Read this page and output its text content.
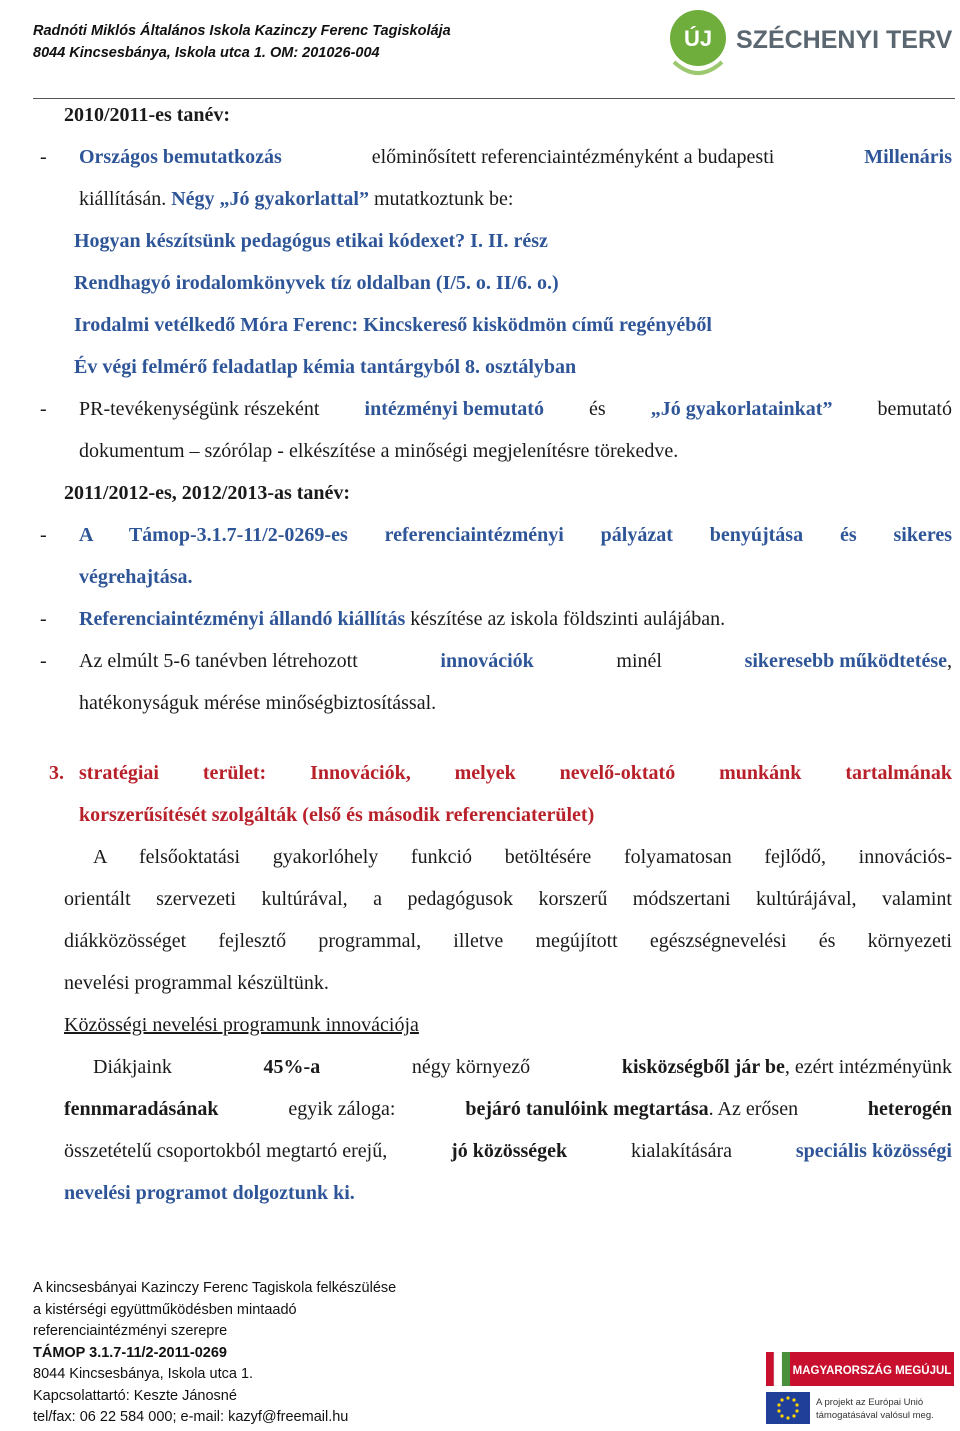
Radnóti Miklós Általános Iskola Kazinczy Ferenc Tagiskolája
8044 Kincsesbánya, Iskola utca 1. OM: 201026-004
ÚJ SZÉCHENYI TERV
2010/2011-es tanév:
- Országos bemutatkozás	előminősített referenciaintézményként a budapesti	Millenáris
kiállításán. Négy „Jó gyakorlattal” mutatkoztunk be:
Hogyan készítsünk pedagógus etikai kódexet? I. II. rész
Rendhagyó irodalomkönyvek tíz oldalban (I/5. o. II/6. o.)
Irodalmi vetélkedő Móra Ferenc: Kincskereső kisködmön című regényéből
Év végi felmérő feladatlap kémia tantárgyból 8. osztályban
- PR-tevékenységünk részeként intézményi bemutató és „Jó gyakorlatainkat” bemutató
dokumentum – szórólap - elkészítése a minőségi megjelenítésre törekedve.
2011/2012-es, 2012/2013-as tanév:
- A Támop-3.1.7-11/2-0269-es referenciaintézményi pályázat benyújtása és sikeres
végrehajtása.
- Referenciaintézményi állandó kiállítás készítése az iskola földszinti aulájában.
- Az elmúlt 5-6 tanévben létrehozott	innovációk	minél	sikeresebb működtetése,
hatékonyságuk mérése minőségbiztosítással.
3. stratégiai terület: Innovációk, melyek nevelő-oktató munkánk tartalmának
korszerűsítését szolgálták (első és második referenciaterület)
A felsőoktatási gyakorlóhely funkció betöltésére folyamatosan fejlődő, innovációs-
orientált szervezeti kultúrával, a pedagógusok korszerű módszertani kultúrájával, valamint
diákközösséget fejlesztő programmal, illetve megújított egészségnevelési és környezeti
nevelési programmal készültünk.
Közösségi nevelési programunk innovációja
Diákjaink	45%-a	négy környező	kisközségből jár be, ezért intézményünk
fennmaradásának	egyik záloga:	bejáró tanulóink megtartása. Az erősen	heterogén
összetételű csoportokból megtartó erejű,	jó közösségek	kialakítására	speciális közösségi
nevelési programot dolgoztunk ki.
A kincsesbányai Kazinczy Ferenc Tagiskola felkészülése
a kistérségi együttműködésben mintaadó
referenciaintézményi szerepre
TÁMOP 3.1.7-11/2-2011-0269
8044 Kincsesbánya, Iskola utca 1.
Kapcsolattartó: Keszte Jánosné
tel/fax: 06 22 584 000; e-mail: kazyf@freemail.hu
MAGYARORSZÁG MEGÚJUL
A projekt az Európai Unió
támogatásával valósul meg.
